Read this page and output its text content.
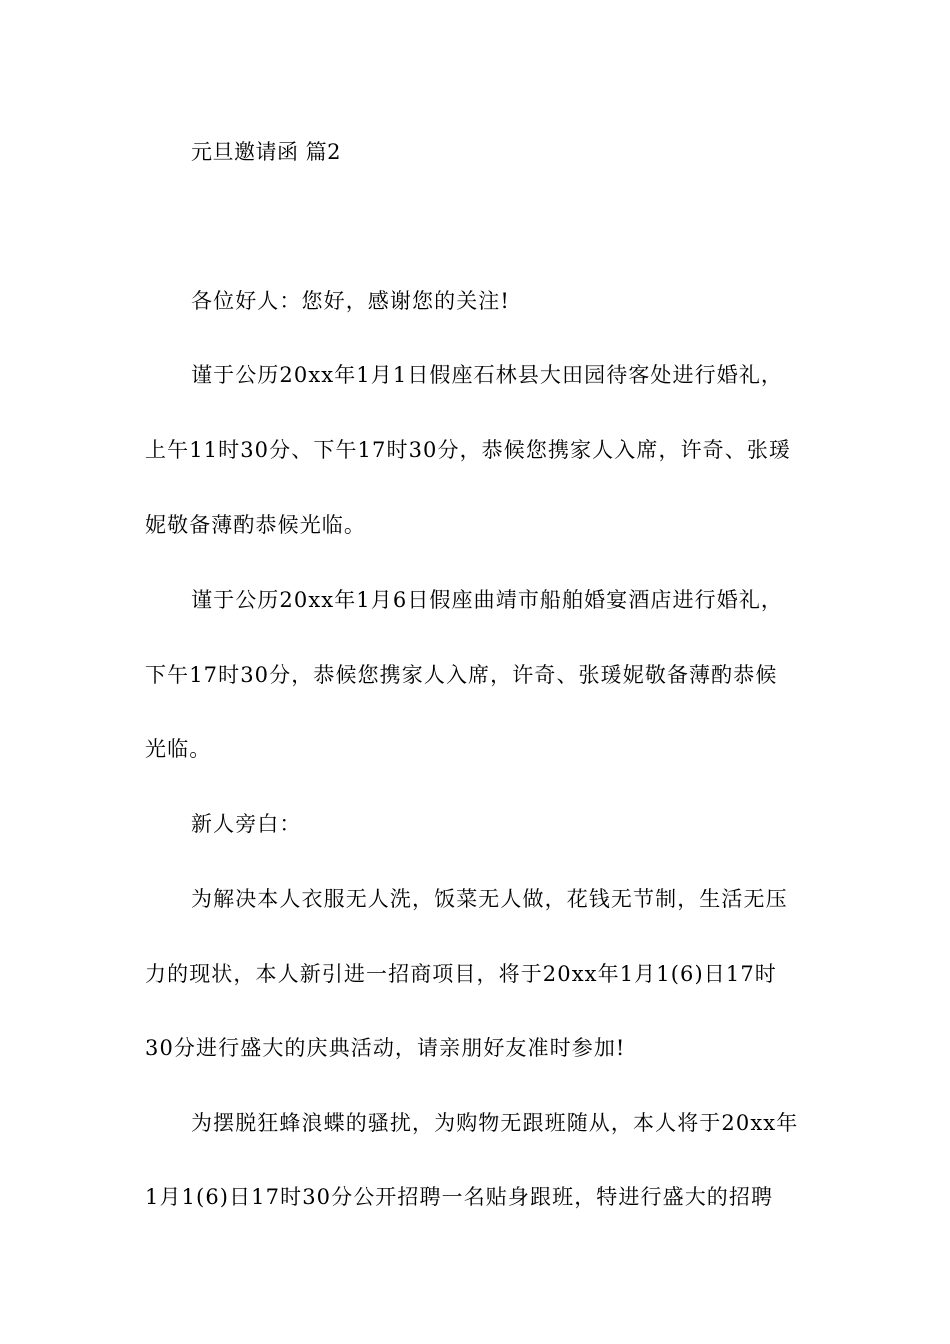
元旦邀请函 篇2
各位好人：您好，感谢您的关注!
谨于公历20xx年1月1日假座石林县大田园待客处进行婚礼，
上午11时30分、下午17时30分，恭候您携家人入席，许奇、张瑗
妮敬备薄酌恭候光临。
谨于公历20xx年1月6日假座曲靖市船舶婚宴酒店进行婚礼，
下午17时30分，恭候您携家人入席，许奇、张瑗妮敬备薄酌恭候
光临。
新人旁白：
为解决本人衣服无人洗，饭菜无人做，花钱无节制，生活无压
力的现状，本人新引进一招商项目，将于20xx年1月1(6)日17时
30分进行盛大的庆典活动，请亲朋好友准时参加!
为摆脱狂蜂浪蝶的骚扰，为购物无跟班随从，本人将于20xx年
1月1(6)日17时30分公开招聘一名贴身跟班，特进行盛大的招聘
